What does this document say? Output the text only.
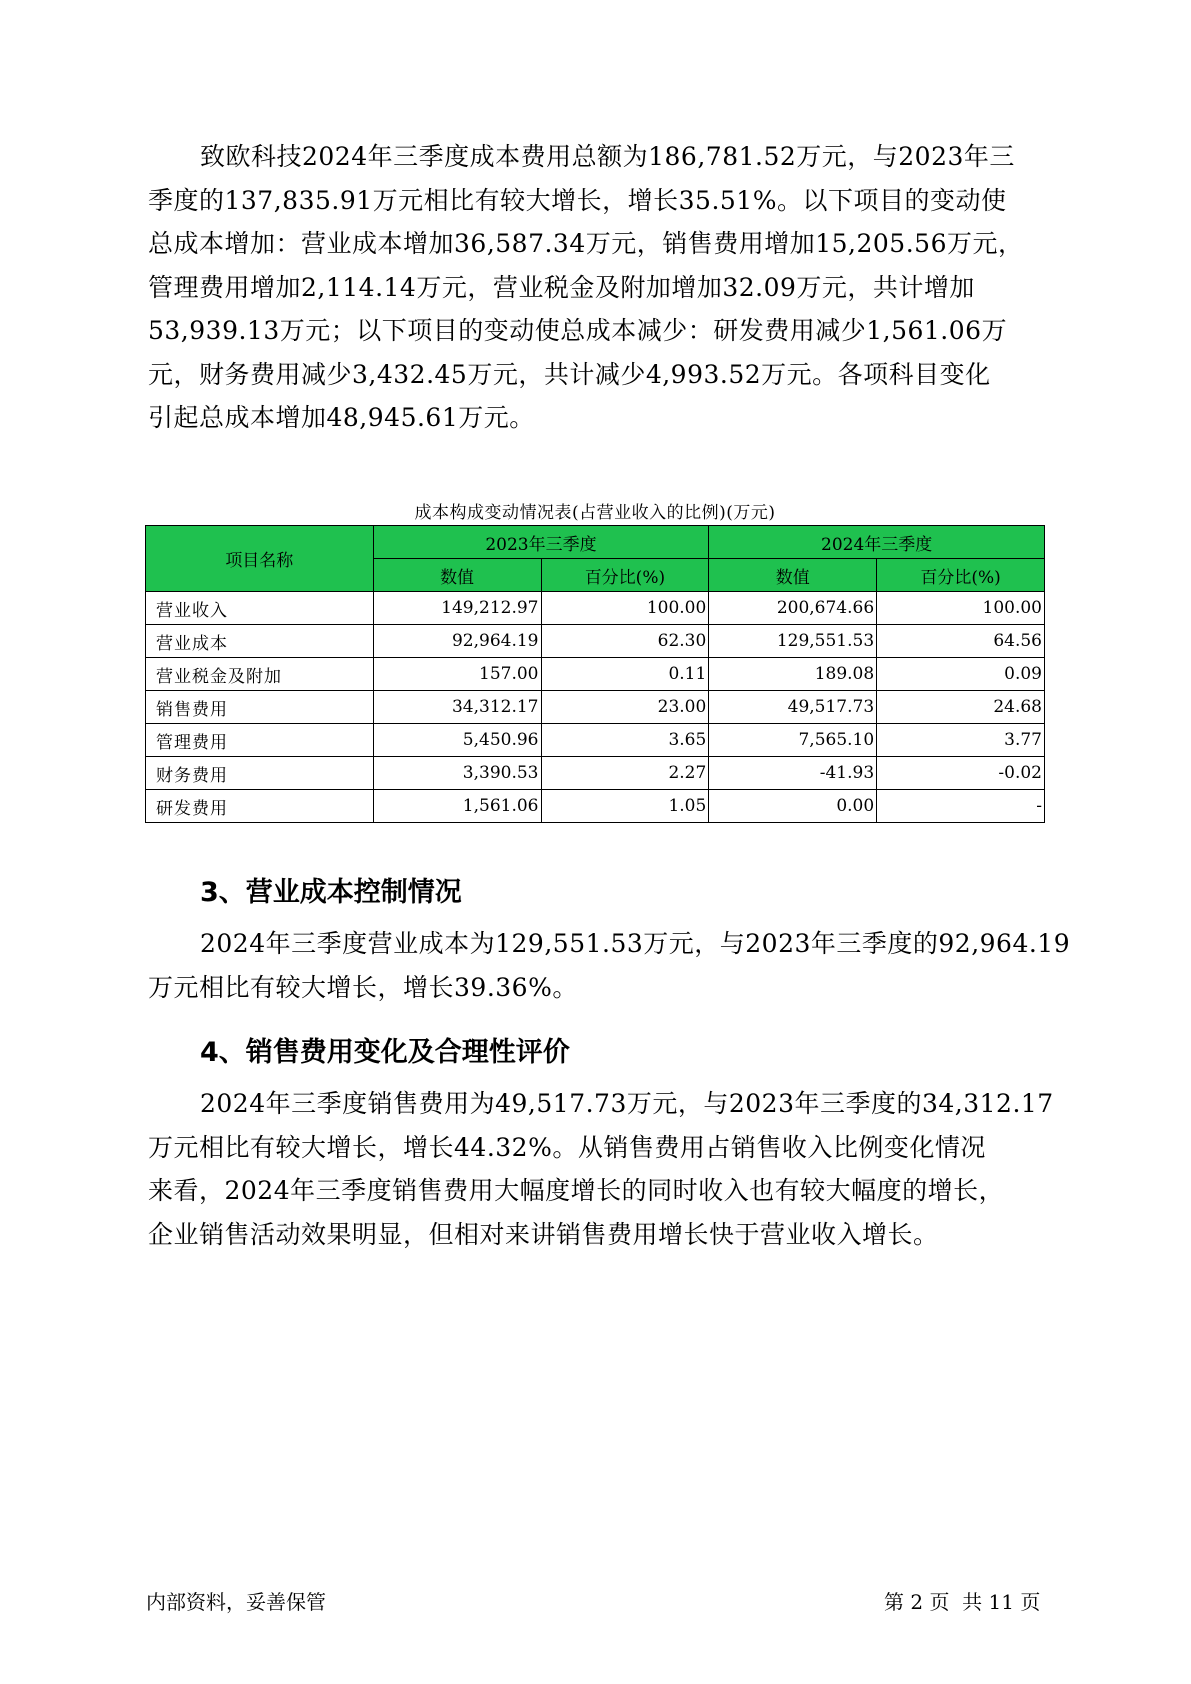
致欧科技2024年三季度成本费用总额为186,781.52万元，与2023年三
季度的137,835.91万元相比有较大增长，增长35.51%。以下项目的变动使
总成本增加：营业成本增加36,587.34万元，销售费用增加15,205.56万元，
管理费用增加2,114.14万元，营业税金及附加增加32.09万元，共计增加
53,939.13万元；以下项目的变动使总成本减少：研发费用减少1,561.06万
元，财务费用减少3,432.45万元，共计减少4,993.52万元。各项科目变化
引起总成本增加48,945.61万元。
成本构成变动情况表(占营业收入的比例)(万元)
项目名称	2023年三季度		2024年三季度	
	数值	百分比(%)	数值	百分比(%)
营业收入	149,212.97	100.00	200,674.66	100.00
营业成本	92,964.19	62.30	129,551.53	64.56
营业税金及附加	157.00	0.11	189.08	0.09
销售费用	34,312.17	23.00	49,517.73	24.68
管理费用	5,450.96	3.65	7,565.10	3.77
财务费用	3,390.53	2.27	-41.93	-0.02
研发费用	1,561.06	1.05	0.00	-
3、营业成本控制情况
2024年三季度营业成本为129,551.53万元，与2023年三季度的92,964.19
万元相比有较大增长，增长39.36%。
4、销售费用变化及合理性评价
2024年三季度销售费用为49,517.73万元，与2023年三季度的34,312.17
万元相比有较大增长，增长44.32%。从销售费用占销售收入比例变化情况
来看，2024年三季度销售费用大幅度增长的同时收入也有较大幅度的增长，
企业销售活动效果明显，但相对来讲销售费用增长快于营业收入增长。
内部资料，妥善保管	第 2 页  共 11 页
